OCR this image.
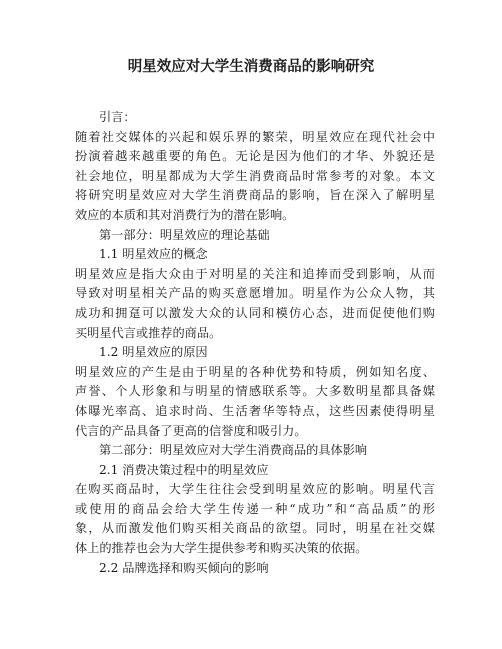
明星效应对大学生消费商品的影响研究
引言：
随着社交媒体的兴起和娱乐界的繁荣，明星效应在现代社会中
扮演着越来越重要的角色。无论是因为他们的才华、外貌还是
社会地位，明星都成为大学生消费商品时常参考的对象。本文
将研究明星效应对大学生消费商品的影响，旨在深入了解明星
效应的本质和其对消费行为的潜在影响。
第一部分：明星效应的理论基础
1.1 明星效应的概念
明星效应是指大众由于对明星的关注和追捧而受到影响，从而
导致对明星相关产品的购买意愿增加。明星作为公众人物，其
成功和拥趸可以激发大众的认同和模仿心态，进而促使他们购
买明星代言或推荐的商品。
1.2 明星效应的原因
明星效应的产生是由于明星的各种优势和特质，例如知名度、
声誉、个人形象和与明星的情感联系等。大多数明星都具备媒
体曝光率高、追求时尚、生活奢华等特点，这些因素使得明星
代言的产品具备了更高的信誉度和吸引力。
第二部分：明星效应对大学生消费商品的具体影响
2.1 消费决策过程中的明星效应
在购买商品时，大学生往往会受到明星效应的影响。明星代言
或使用的商品会给大学生传递一种“成功”和“高品质”的形
象，从而激发他们购买相关商品的欲望。同时，明星在社交媒
体上的推荐也会为大学生提供参考和购买决策的依据。
2.2 品牌选择和购买倾向的影响
